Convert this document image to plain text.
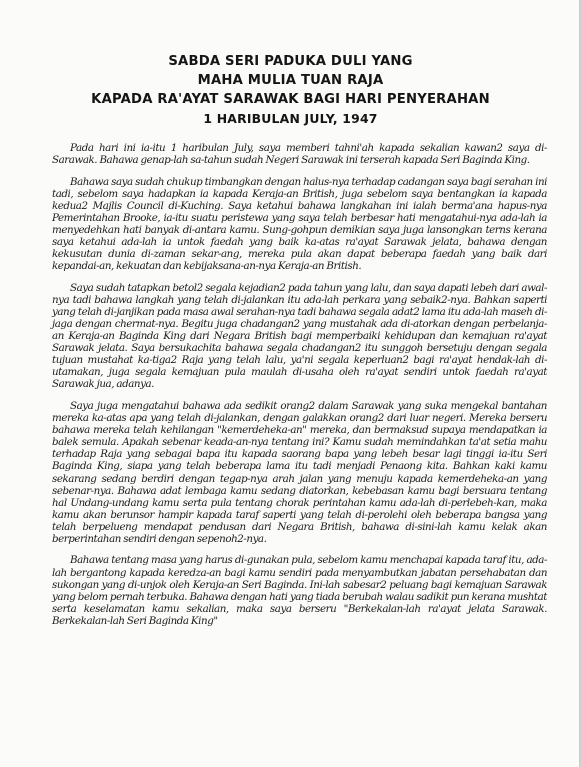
SABDA SERI PADUKA DULI YANG
MAHA MULIA TUAN RAJA
KAPADA RA'AYAT SARAWAK BAGI HARI PENYERAHAN
1 HARIBULAN JULY, 1947

Pada hari ini ia-itu 1 haribulan July, saya memberi tahni'ah kapada sekalian kawan2 saya di-Sarawak. Bahawa genap-lah sa-tahun sudah Negeri Sarawak ini terserah kapada Seri Baginda King.

Bahawa saya sudah chukup timbangkan dengan halus-nya terhadap cadangan saya bagi serahan ini tadi, sebelom saya hadapkan ia kapada Keraja-an British, juga sebelom saya bentangkan ia kapada kedua2 Majlis Council di-Kuching. Saya ketahui bahawa langkahan ini ialah berma'ana hapus-nya Pemerintahan Brooke, ia-itu suatu peristewa yang saya telah berbesar hati mengatahui-nya ada-lah ia menyedehkan hati banyak di-antara kamu. Sung-gohpun demikian saya juga lansongkan terns kerana saya ketahui ada-lah ia untok faedah yang baik ka-atas ra'ayat Sarawak jelata, bahawa dengan kekusutan dunia di-zaman sekar-ang, mereka pula akan dapat beberapa faedah yang baik dari kepandai-an, kekuatan dan kebijaksana-an-nya Keraja-an British.

Saya sudah tatapkan betol2 segala kejadian2 pada tahun yang lalu, dan saya dapati lebeh dari awal-nya tadi bahawa langkah yang telah di-jalankan itu ada-lah perkara yang sebaik2-nya. Bahkan saperti yang telah di-janjikan pada masa awal serahan-nya tadi bahawa segala adat2 lama itu ada-lah maseh di-jaga dengan chermat-nya. Begitu juga chadangan2 yang mustahak ada di-atorkan dengan perbelanja-an Keraja-an Baginda King dari Negara British bagi memperbaiki kehidupan dan kemajuan ra'ayat Sarawak jelata. Saya bersukachita bahawa segala chadangan2 itu sunggoh bersetuju dengan segala tujuan mustahat ka-tiga2 Raja yang telah lalu, ya'ni segala keperluan2 bagi ra'ayat hendak-lah di-utamakan, juga segala kemajuan pula maulah di-usaha oleh ra'ayat sendiri untok faedah ra'ayat Sarawak jua, adanya.

Saya juga mengatahui bahawa ada sedikit orang2 dalam Sarawak yang suka mengekal bantahan mereka ka-atas apa yang telah di-jalankan, dengan galakkan orang2 dari luar negeri. Mereka berseru bahawa mereka telah kehilangan "kemerdeheka-an" mereka, dan bermaksud supaya mendapatkan ia balek semula. Apakah sebenar keada-an-nya tentang ini? Kamu sudah memindahkan ta'at setia mahu terhadap Raja yang sebagai bapa itu kapada saorang bapa yang lebeh besar lagi tinggi ia-itu Seri Baginda King, siapa yang telah beberapa lama itu tadi menjadi Penaong kita. Bahkan kaki kamu sekarang sedang berdiri dengan tegap-nya arah jalan yang menuju kapada kemerdeheka-an yang sebenar-nya. Bahawa adat lembaga kamu sedang diatorkan, kebebasan kamu bagi bersuara tentang hal Undang-undang kamu serta pula tentang chorak perintahan kamu ada-lah di-perlebeh-kan, maka kamu akan berunsor hampir kapada taraf saperti yang telah di-perolehi oleh beberapa bangsa yang telah berpelueng mendapat pendusan dari Negara British, bahawa di-sini-lah kamu kelak akan berperintahan sendiri dengan sepenoh2-nya.

Bahawa tentang masa yang harus di-gunakan pula, sebelom kamu menchapai kapada taraf itu, ada-lah bergantong kapada keredza-an bagi kamu sendiri pada menyambutkan jabatan persehabatan dan sukongan yang di-unjok oleh Keraja-an Seri Baginda. Ini-lah sabesar2 peluang bagi kemajuan Sarawak yang belom pernah terbuka. Bahawa dengan hati yang tiada berubah walau sadikit pun kerana mushtat serta keselamatan kamu sekalian, maka saya berseru "Berkekalan-lah ra'ayat jelata Sarawak. Berkekalan-lah Seri Baginda King"
